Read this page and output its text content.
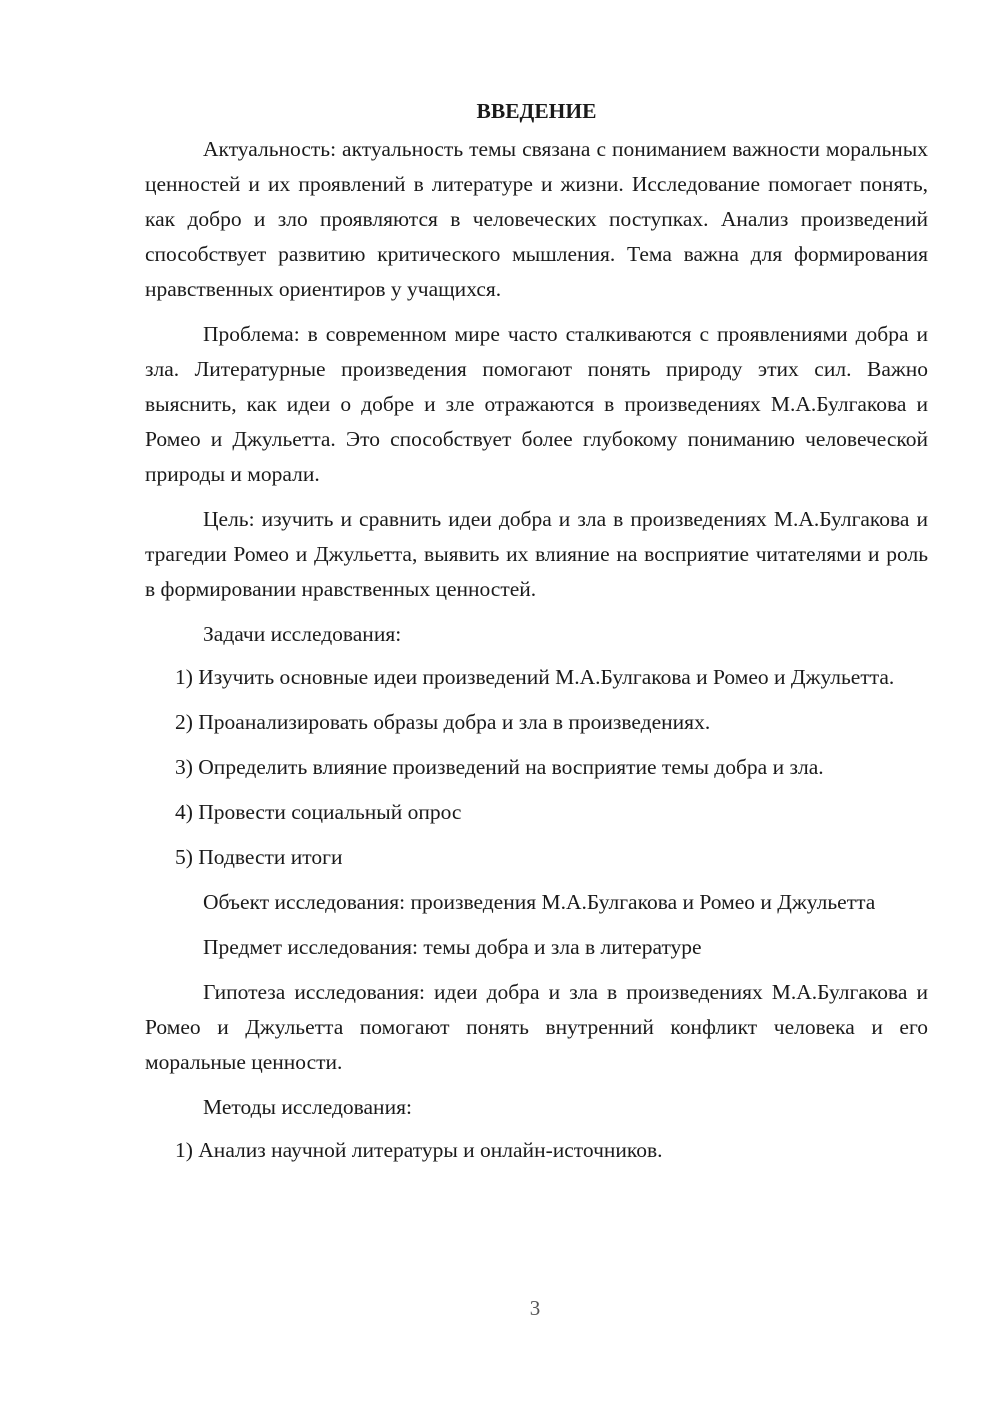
ВВЕДЕНИЕ

Актуальность: актуальность темы связана с пониманием важности моральных ценностей и их проявлений в литературе и жизни. Исследование помогает понять, как добро и зло проявляются в человеческих поступках. Анализ произведений способствует развитию критического мышления. Тема важна для формирования нравственных ориентиров у учащихся.

Проблема: в современном мире часто сталкиваются с проявлениями добра и зла. Литературные произведения помогают понять природу этих сил. Важно выяснить, как идеи о добре и зле отражаются в произведениях М.А.Булгакова и Ромео и Джульетта. Это способствует более глубокому пониманию человеческой природы и морали.

Цель: изучить и сравнить идеи добра и зла в произведениях М.А.Булгакова и трагедии Ромео и Джульетта, выявить их влияние на восприятие читателями и роль в формировании нравственных ценностей.

Задачи исследования:

1) Изучить основные идеи произведений М.А.Булгакова и Ромео и Джульетта.

2) Проанализировать образы добра и зла в произведениях.

3) Определить влияние произведений на восприятие темы добра и зла.

4) Провести социальный опрос

5) Подвести итоги

Объект исследования: произведения М.А.Булгакова и Ромео и Джульетта

Предмет исследования: темы добра и зла в литературе

Гипотеза исследования: идеи добра и зла в произведениях М.А.Булгакова и Ромео и Джульетта помогают понять внутренний конфликт человека и его моральные ценности.

Методы исследования:

1) Анализ научной литературы и онлайн-источников.

3
